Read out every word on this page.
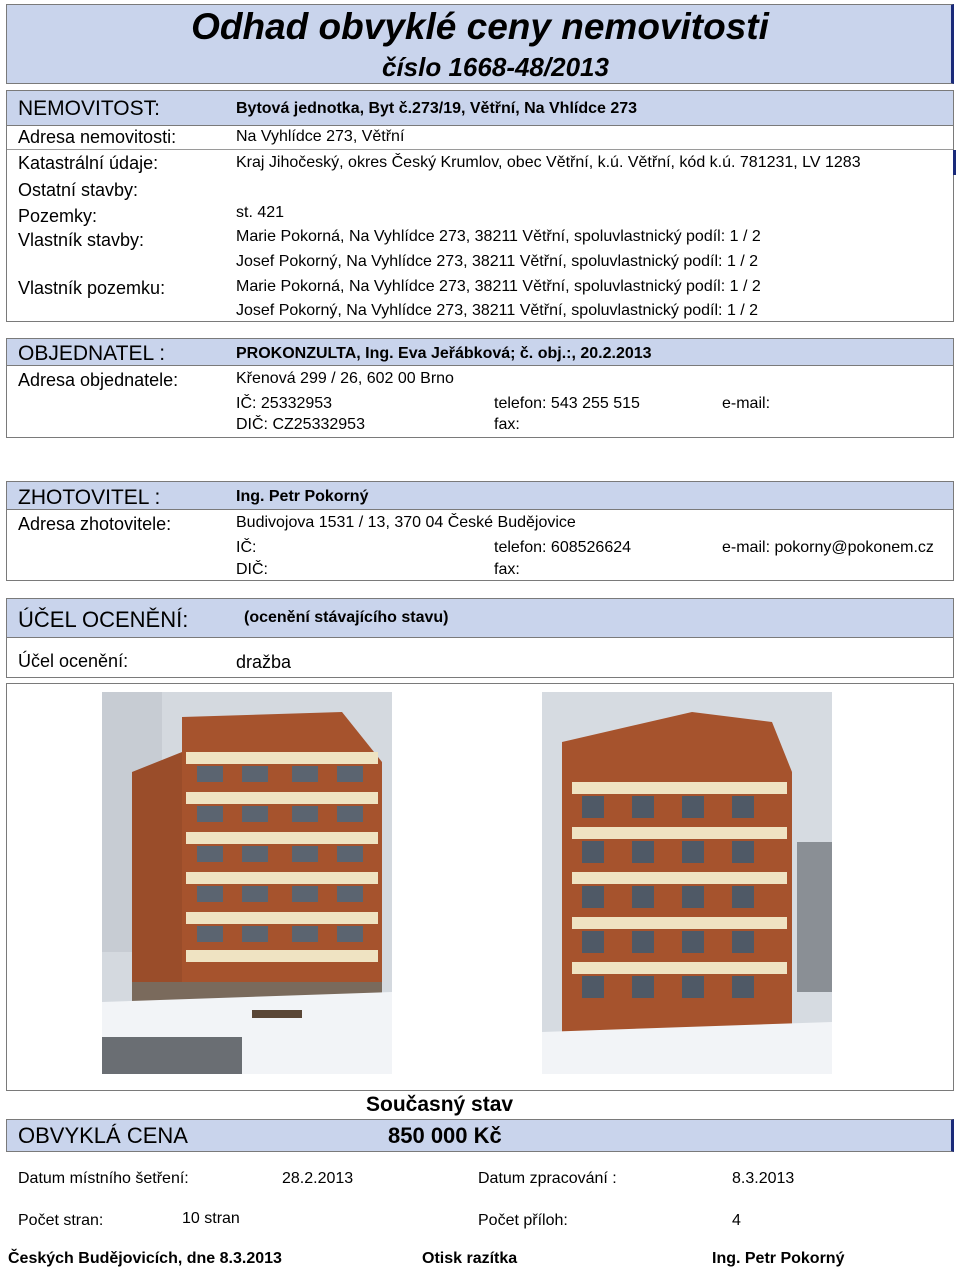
Odhad obvyklé ceny nemovitosti
číslo 1668-48/2013
NEMOVITOST:	Bytová jednotka, Byt č.273/19, Větřní, Na Vhlídce 273
Adresa nemovitosti:	Na Vyhlídce 273, Větřní
Katastrální údaje:	Kraj Jihočeský, okres Český Krumlov, obec Větřní, k.ú. Větřní, kód k.ú. 781231, LV 1283
Ostatní stavby:
Pozemky:	st. 421
Vlastník stavby:	Marie Pokorná, Na Vyhlídce 273, 38211 Větřní, spoluvlastnický podíl: 1 / 2
Josef Pokorný, Na Vyhlídce 273, 38211 Větřní, spoluvlastnický podíl: 1 / 2
Vlastník pozemku:	Marie Pokorná, Na Vyhlídce 273, 38211 Větřní, spoluvlastnický podíl: 1 / 2
Josef Pokorný, Na Vyhlídce 273, 38211 Větřní, spoluvlastnický podíl: 1 / 2
OBJEDNATEL :	PROKONZULTA, Ing. Eva Jeřábková; č. obj.:, 20.2.2013
Adresa objednatele:	Křenová 299 / 26, 602 00 Brno
IČ: 25332953	telefon: 543 255 515	e-mail:
DIČ: CZ25332953	fax:
ZHOTOVITEL :	Ing. Petr Pokorný
Adresa zhotovitele:	Budivojova 1531 / 13, 370 04 České Budějovice
IČ:	telefon: 608526624	e-mail: pokorny@pokonem.cz
DIČ:	fax:
ÚČEL OCENĚNÍ:	(ocenění stávajícího stavu)
Účel ocenění:	dražba
Současný stav
OBVYKLÁ CENA	850 000 Kč
Datum místního šetření:	28.2.2013	Datum zpracování :	8.3.2013
Počet stran:	10 stran	Počet příloh:	4
Českých Budějovicích, dne 8.3.2013	Otisk razítka	Ing. Petr Pokorný
